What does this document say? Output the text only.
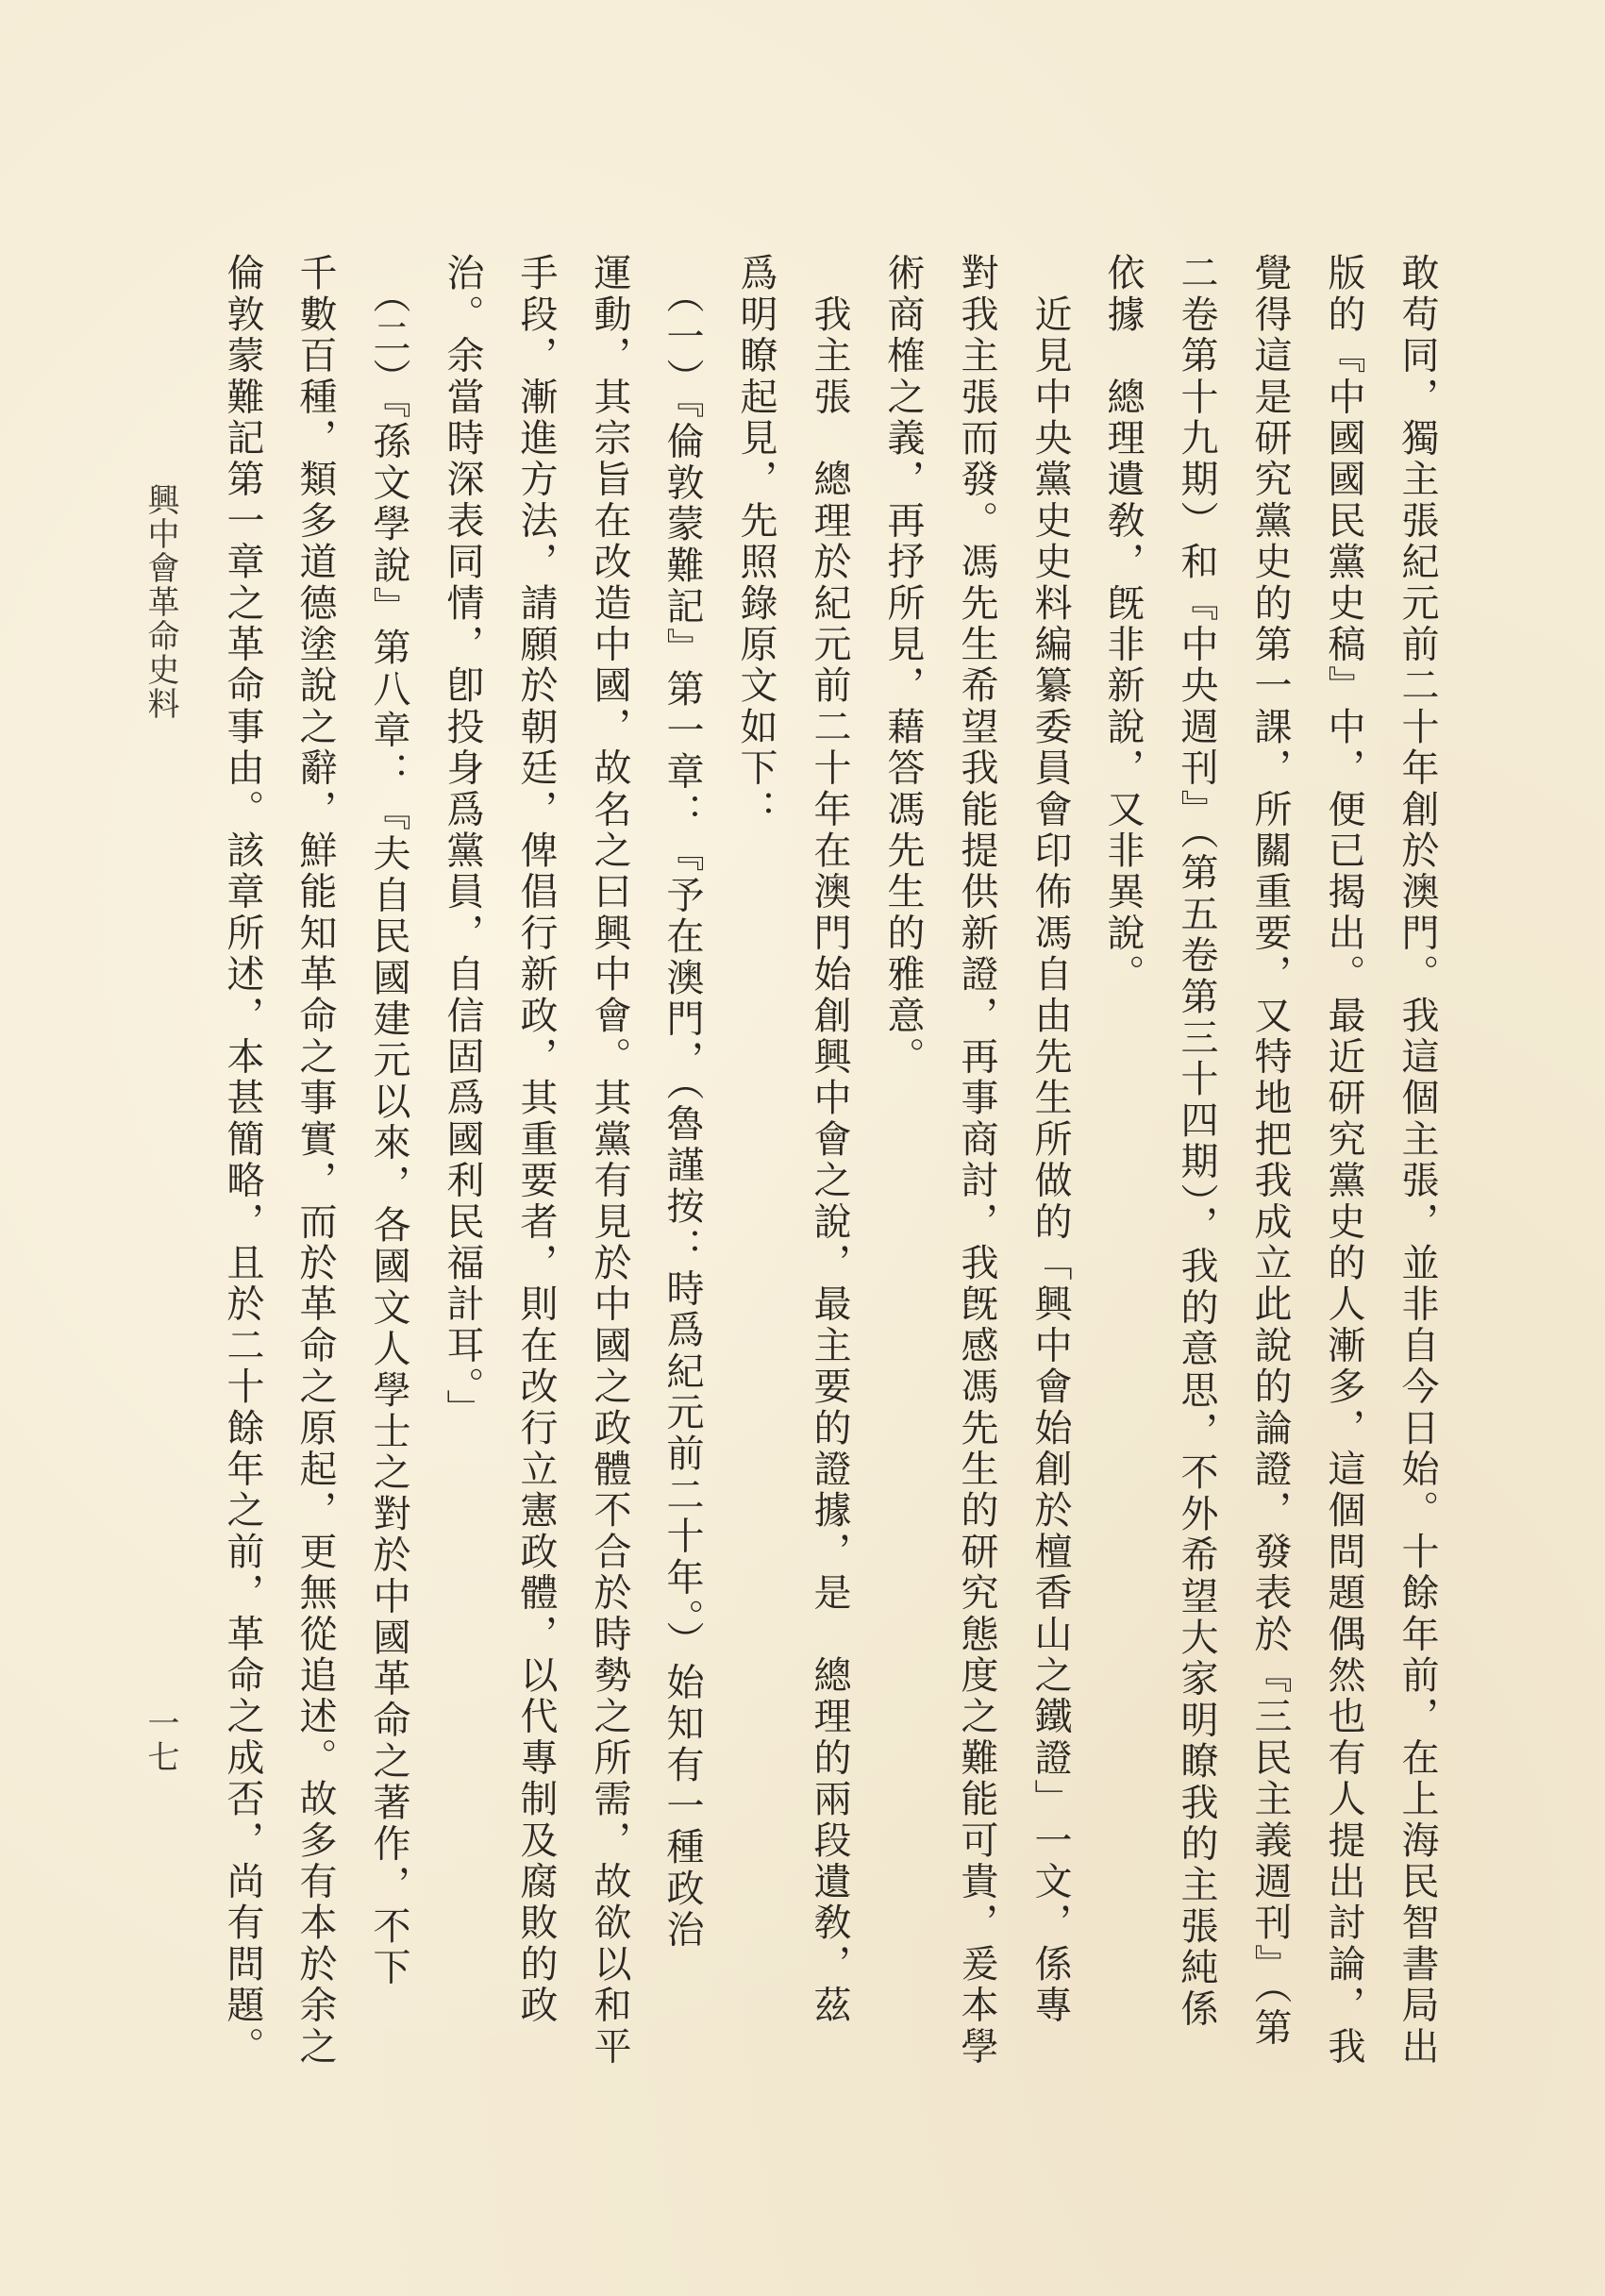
敢苟同，獨主張紀元前二十年創於澳門。我這個主張，並非自今日始。十餘年前，在上海民智書局出
版的『中國國民黨史稿』中，便已揭出。最近研究黨史的人漸多，這個問題偶然也有人提出討論，我
覺得這是研究黨史的第一課，所關重要，又特地把我成立此說的論證，發表於『三民主義週刊』（第
二卷第十九期）和『中央週刊』（第五卷第三十四期），我的意思，不外希望大家明瞭我的主張純係
依據　總理遺敎，旣非新說，又非異說。
　近見中央黨史史料編纂委員會印佈馮自由先生所做的「興中會始創於檀香山之鐵證」一文，係專
對我主張而發。馮先生希望我能提供新證，再事商討，我旣感馮先生的研究態度之難能可貴，爰本學
術商榷之義，再抒所見，藉答馮先生的雅意。
　我主張　總理於紀元前二十年在澳門始創興中會之說，最主要的證據，是　總理的兩段遺敎，茲
爲明瞭起見，先照錄原文如下：
　（一）『倫敦蒙難記』第一章：『予在澳門，（魯謹按：時爲紀元前二十年。）始知有一種政治
運動，其宗旨在改造中國，故名之曰興中會。其黨有見於中國之政體不合於時勢之所需，故欲以和平
手段，漸進方法，請願於朝廷，俾倡行新政，其重要者，則在改行立憲政體，以代專制及腐敗的政
治。余當時深表同情，卽投身爲黨員，自信固爲國利民福計耳。」
　（二）『孫文學說』第八章：『夫自民國建元以來，各國文人學士之對於中國革命之著作，不下
千數百種，類多道德塗說之辭，鮮能知革命之事實，而於革命之原起，更無從追述。故多有本於余之
倫敦蒙難記第一章之革命事由。該章所述，本甚簡略，且於二十餘年之前，革命之成否，尚有問題。
興中會革命史料
一七
